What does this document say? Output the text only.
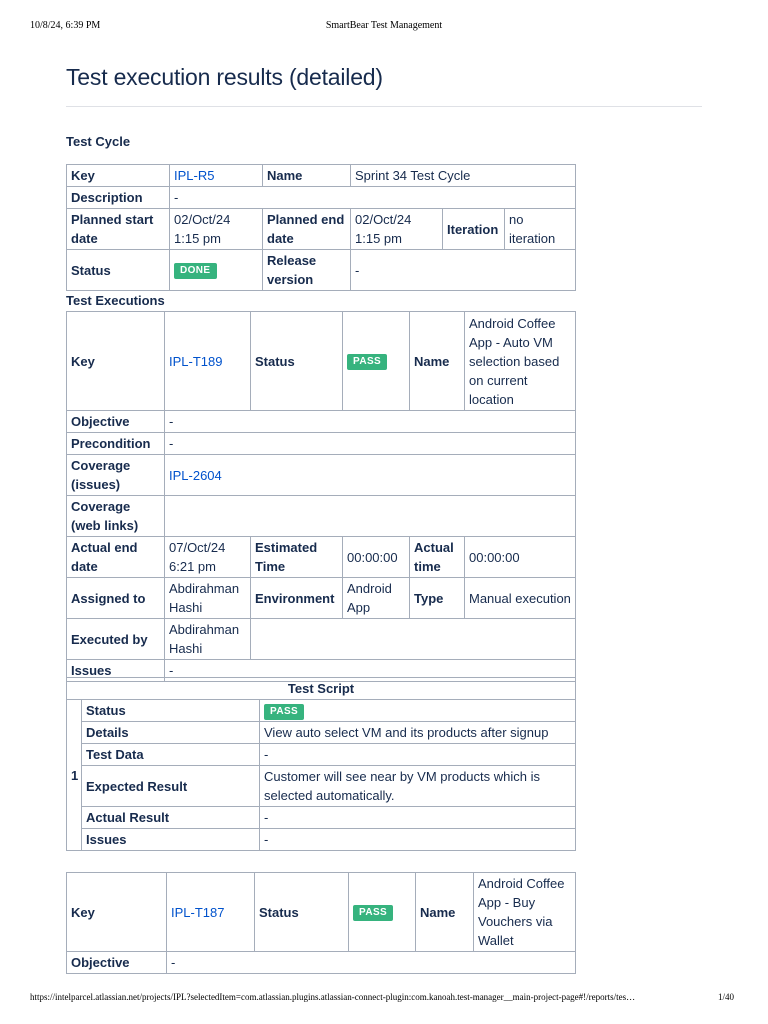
10/8/24, 6:39 PM	SmartBear Test Management
Test execution results (detailed)
Test Cycle
Key	IPL-R5	Name	Sprint 34 Test Cycle		
Description	-				
Planned start date	02/Oct/24 1:15 pm	Planned end date	02/Oct/24 1:15 pm	Iteration	no iteration
Status	DONE	Release version	-		
Test Executions
Key	IPL-T189	Status	PASS	Name	Android Coffee App - Auto VM selection based on current location
Objective	-				
Precondition	-				
Coverage (issues)	IPL-2604				
Coverage (web links)					
Actual end date	07/Oct/24 6:21 pm	Estimated Time	00:00:00	Actual time	00:00:00
Assigned to	Abdirahman Hashi	Environment	Android App	Type	Manual execution
Executed by	Abdirahman Hashi				
Issues	-				
Test Script		
1	Status	PASS
	Details	View auto select VM and its products after signup
	Test Data	-
	Expected Result	Customer will see near by VM products which is selected automatically.
	Actual Result	-
	Issues	-
Key	IPL-T187	Status	PASS	Name	Android Coffee App - Buy Vouchers via Wallet
Objective	-				
https://intelparcel.atlassian.net/projects/IPL?selectedItem=com.atlassian.plugins.atlassian-connect-plugin:com.kanoah.test-manager__main-project-page#!/reports/tes…	1/40
